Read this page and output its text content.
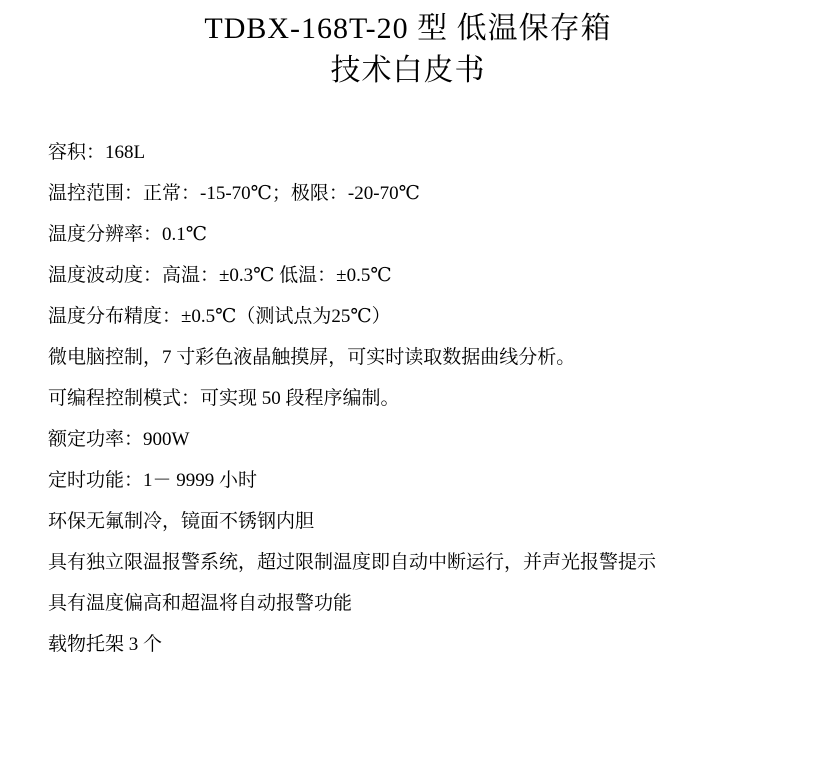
TDBX-168T-20 型 低温保存箱
技术白皮书
容积：168L
温控范围：正常：-15-70℃；极限：-20-70℃
温度分辨率：0.1℃
温度波动度：高温：±0.3℃ 低温：±0.5℃
温度分布精度：±0.5℃（测试点为25℃）
微电脑控制，7 寸彩色液晶触摸屏，可实时读取数据曲线分析。
可编程控制模式：可实现 50 段程序编制。
额定功率：900W
定时功能：1－ 9999 小时
环保无氟制冷，镜面不锈钢内胆
具有独立限温报警系统，超过限制温度即自动中断运行，并声光报警提示
具有温度偏高和超温将自动报警功能
载物托架 3 个
